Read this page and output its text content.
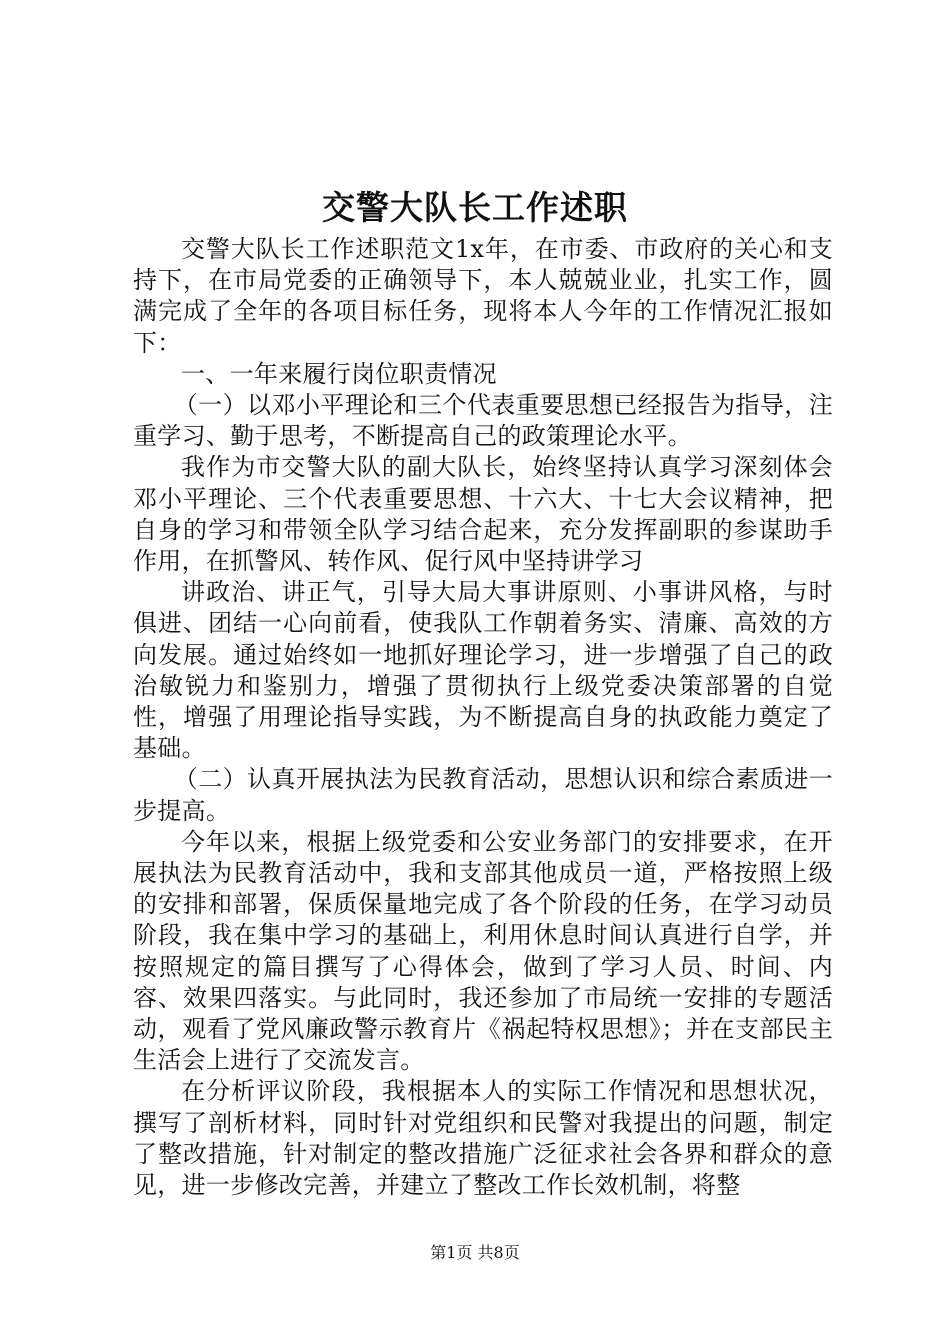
交警大队长工作述职

交警大队长工作述职范文1x年，在市委、市政府的关心和支持下，在市局党委的正确领导下，本人兢兢业业，扎实工作，圆满完成了全年的各项目标任务，现将本人今年的工作情况汇报如下：

一、一年来履行岗位职责情况

（一）以邓小平理论和三个代表重要思想已经报告为指导，注重学习、勤于思考，不断提高自己的政策理论水平。

我作为市交警大队的副大队长，始终坚持认真学习深刻体会邓小平理论、三个代表重要思想、十六大、十七大会议精神，把自身的学习和带领全队学习结合起来，充分发挥副职的参谋助手作用，在抓警风、转作风、促行风中坚持讲学习

讲政治、讲正气，引导大局大事讲原则、小事讲风格，与时俱进、团结一心向前看，使我队工作朝着务实、清廉、高效的方向发展。通过始终如一地抓好理论学习，进一步增强了自己的政治敏锐力和鉴别力，增强了贯彻执行上级党委决策部署的自觉性，增强了用理论指导实践，为不断提高自身的执政能力奠定了基础。

（二）认真开展执法为民教育活动，思想认识和综合素质进一步提高。

今年以来，根据上级党委和公安业务部门的安排要求，在开展执法为民教育活动中，我和支部其他成员一道，严格按照上级的安排和部署，保质保量地完成了各个阶段的任务，在学习动员阶段，我在集中学习的基础上，利用休息时间认真进行自学，并按照规定的篇目撰写了心得体会，做到了学习人员、时间、内容、效果四落实。与此同时，我还参加了市局统一安排的专题活动，观看了党风廉政警示教育片《祸起特权思想》；并在支部民主生活会上进行了交流发言。

在分析评议阶段，我根据本人的实际工作情况和思想状况，撰写了剖析材料，同时针对党组织和民警对我提出的问题，制定了整改措施，针对制定的整改措施广泛征求社会各界和群众的意见，进一步修改完善，并建立了整改工作长效机制，将整

第1页 共8页
